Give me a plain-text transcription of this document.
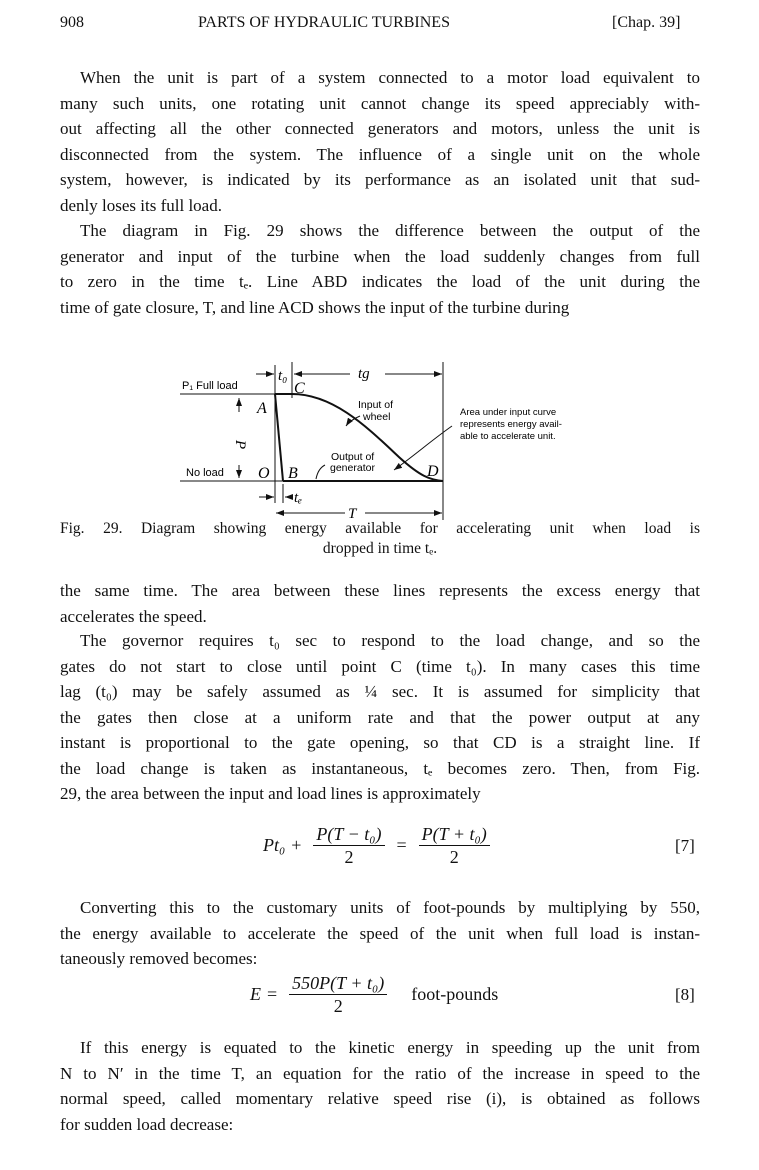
908	PARTS OF HYDRAULIC TURBINES	[Chap. 39]
When the unit is part of a system connected to a motor load equivalent to
many such units, one rotating unit cannot change its speed appreciably with-
out affecting all the other connected generators and motors, unless the unit is
disconnected from the system. The influence of a single unit on the whole
system, however, is indicated by its performance as an isolated unit that sud-
denly loses its full load.
The diagram in Fig. 29 shows the difference between the output of the
generator and input of the turbine when the load suddenly changes from full
to zero in the time tₑ. Line ABD indicates the load of the unit during the
time of gate closure, T, and line ACD shows the input of the turbine during
P₁ Full load
No load
P
A
O B
C
D
t₀	tg
tₑ
T
Input of
wheel
Output of
generator
Area under input curve
represents energy avail-
able to accelerate unit.
Fig. 29. Diagram showing energy available for accelerating unit when load is
dropped in time tₑ.
the same time. The area between these lines represents the excess energy that
accelerates the speed.
The governor requires t₀ sec to respond to the load change, and so the
gates do not start to close until point C (time t₀). In many cases this time
lag (t₀) may be safely assumed as ¼ sec. It is assumed for simplicity that
the gates then close at a uniform rate and that the power output at any
instant is proportional to the gate opening, so that CD is a straight line. If
the load change is taken as instantaneous, tₑ becomes zero. Then, from Fig.
29, the area between the input and load lines is approximately
$Pt_0 + \frac{\text{P(T − t₀)}}{2} = \frac{\text{P(T + t₀)}}{2}$	[7]
Converting this to the customary units of foot-pounds by multiplying by 550,
the energy available to accelerate the speed of the unit when full load is instan-
taneously removed becomes:
$E = \frac{\text{550P(T + t₀)}}{2}$ foot-pounds	[8]
If this energy is equated to the kinetic energy in speeding up the unit from
N to N′ in the time T, an equation for the ratio of the increase in speed to the
normal speed, called momentary relative speed rise (i), is obtained as follows
for sudden load decrease:
